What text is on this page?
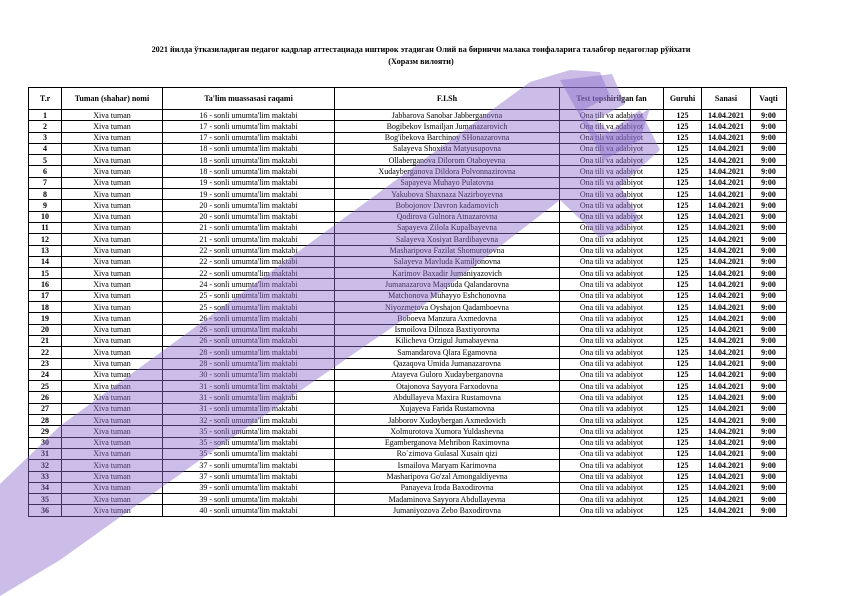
2021 йилда ўтказиладиган педагог кадрлар аттестациада иштирок этадиган Олий ва биринчи малака тоифаларига талабгор педагоглар рўйхати
(Хоразм вилояти)
T.r	Tuman (shahar) nomi	Ta'lim muassasasi raqami	F.I.Sh	Test topshirilgan fan	Guruhi	Sanasi	Vaqti
1	Xiva tuman	16 - sonli umumta'lim maktabi	Jabbarova Sanobar Jabberganovna	Ona tili va adabiyot	125	14.04.2021	9:00
2	Xiva tuman	17 - sonli umumta'lim maktabi	Bogibekov Ismailjan Jumanazarovich	Ona tili va adabiyot	125	14.04.2021	9:00
3	Xiva tuman	17 - sonli umumta'lim maktabi	Bog'ibekova Barchinoy SHonazarovna	Ona tili va adabiyot	125	14.04.2021	9:00
4	Xiva tuman	18 - sonli umumta'lim maktabi	Salayeva Shoxista Matyusupovna	Ona tili va adabiyot	125	14.04.2021	9:00
5	Xiva tuman	18 - sonli umumta'lim maktabi	Ollaberganova Dilorom Otaboyevna	Ona tili va adabiyot	125	14.04.2021	9:00
6	Xiva tuman	18 - sonli umumta'lim maktabi	Xudayberganova Dildora Polvonnazirovna	Ona tili va adabiyot	125	14.04.2021	9:00
7	Xiva tuman	19 - sonli umumta'lim maktabi	Sapayeva Muhayo Pulatovna	Ona tili va adabiyot	125	14.04.2021	9:00
8	Xiva tuman	19 - sonli umumta'lim maktabi	Yakubova Shaxnaza Nazirboyevna	Ona tili va adabiyot	125	14.04.2021	9:00
9	Xiva tuman	20 - sonli umumta'lim maktabi	Bobojonov Davron kadamovich	Ona tili va adabiyot	125	14.04.2021	9:00
10	Xiva tuman	20 - sonli umumta'lim maktabi	Qodirova Gulnora Atnazarovna	Ona tili va adabiyot	125	14.04.2021	9:00
11	Xiva tuman	21 - sonli umumta'lim maktabi	Sapayeva Zilola Kupalbayevna	Ona tili va adabiyot	125	14.04.2021	9:00
12	Xiva tuman	21 - sonli umumta'lim maktabi	Salayeva Xosiyat Bardibayevna	Ona tili va adabiyot	125	14.04.2021	9:00
13	Xiva tuman	22 - sonli umumta'lim maktabi	Masharipova Fazilat Shomurotovna	Ona tili va adabiyot	125	14.04.2021	9:00
14	Xiva tuman	22 - sonli umumta'lim maktabi	Salayeva Mavluda Kamiljonovna	Ona tili va adabiyot	125	14.04.2021	9:00
15	Xiva tuman	22 - sonli umumta'lim maktabi	Karimov Baxadir Jumaniyazovich	Ona tili va adabiyot	125	14.04.2021	9:00
16	Xiva tuman	24 - sonli umumta'lim maktabi	Jumanazarova Maqsuda Qalandarovna	Ona tili va adabiyot	125	14.04.2021	9:00
17	Xiva tuman	25 - sonli umumta'lim maktabi	Matchonova Muhayyo Eshchonovna	Ona tili va adabiyot	125	14.04.2021	9:00
18	Xiva tuman	25 - sonli umumta'lim maktabi	Niyozmetova Oyshajon Qadamboevna	Ona tili va adabiyot	125	14.04.2021	9:00
19	Xiva tuman	26 - sonli umumta'lim maktabi	Boboeva Manzura Axmedovna	Ona tili va adabiyot	125	14.04.2021	9:00
20	Xiva tuman	26 - sonli umumta'lim maktabi	Ismoilova Dilnoza Baxtiyorovna	Ona tili va adabiyot	125	14.04.2021	9:00
21	Xiva tuman	26 - sonli umumta'lim maktabi	Kilicheva Orzigul Jumabayevna	Ona tili va adabiyot	125	14.04.2021	9:00
22	Xiva tuman	28 - sonli umumta'lim maktabi	Samandarova Qlara Egamovna	Ona tili va adabiyot	125	14.04.2021	9:00
23	Xiva tuman	28 - sonli umumta'lim maktabi	Qazaqova Umida Jumanazarovna	Ona tili va adabiyot	125	14.04.2021	9:00
24	Xiva tuman	30 - sonli umumta'lim maktabi	Atayeva Guloro Xudayberganovna	Ona tili va adabiyot	125	14.04.2021	9:00
25	Xiva tuman	31 - sonli umumta'lim maktabi	Otajonova Sayyora Farxodovna	Ona tili va adabiyot	125	14.04.2021	9:00
26	Xiva tuman	31 - sonli umumta'lim maktabi	Abdullayeva Maxira Rustamovna	Ona tili va adabiyot	125	14.04.2021	9:00
27	Xiva tuman	31 - sonli umumta'lim maktabi	Xujayeva Farida Rustamovna	Ona tili va adabiyot	125	14.04.2021	9:00
28	Xiva tuman	32 - sonli umumta'lim maktabi	Jabborov Xudoybergan Axmedovich	Ona tili va adabiyot	125	14.04.2021	9:00
29	Xiva tuman	35 - sonli umumta'lim maktabi	Xolmurotova Xumora Yuldashevna	Ona tili va adabiyot	125	14.04.2021	9:00
30	Xiva tuman	35 - sonli umumta'lim maktabi	Egamberganova Mehribon Raximovna	Ona tili va adabiyot	125	14.04.2021	9:00
31	Xiva tuman	35 - sonli umumta'lim maktabi	Ro`zimova Gulasal Xusain qizi	Ona tili va adabiyot	125	14.04.2021	9:00
32	Xiva tuman	37 - sonli umumta'lim maktabi	Ismailova Maryam Karimovna	Ona tili va adabiyot	125	14.04.2021	9:00
33	Xiva tuman	37 - sonli umumta'lim maktabi	Masharipova Go'zal Amongaldiyevna	Ona tili va adabiyot	125	14.04.2021	9:00
34	Xiva tuman	39 - sonli umumta'lim maktabi	Panayeva Iroda Baxodirovna	Ona tili va adabiyot	125	14.04.2021	9:00
35	Xiva tuman	39 - sonli umumta'lim maktabi	Madaminova Sayyora Abdullayevna	Ona tili va adabiyot	125	14.04.2021	9:00
36	Xiva tuman	40 - sonli umumta'lim maktabi	Jumaniyozova Zebo Baxodirovna	Ona tili va adabiyot	125	14.04.2021	9:00
